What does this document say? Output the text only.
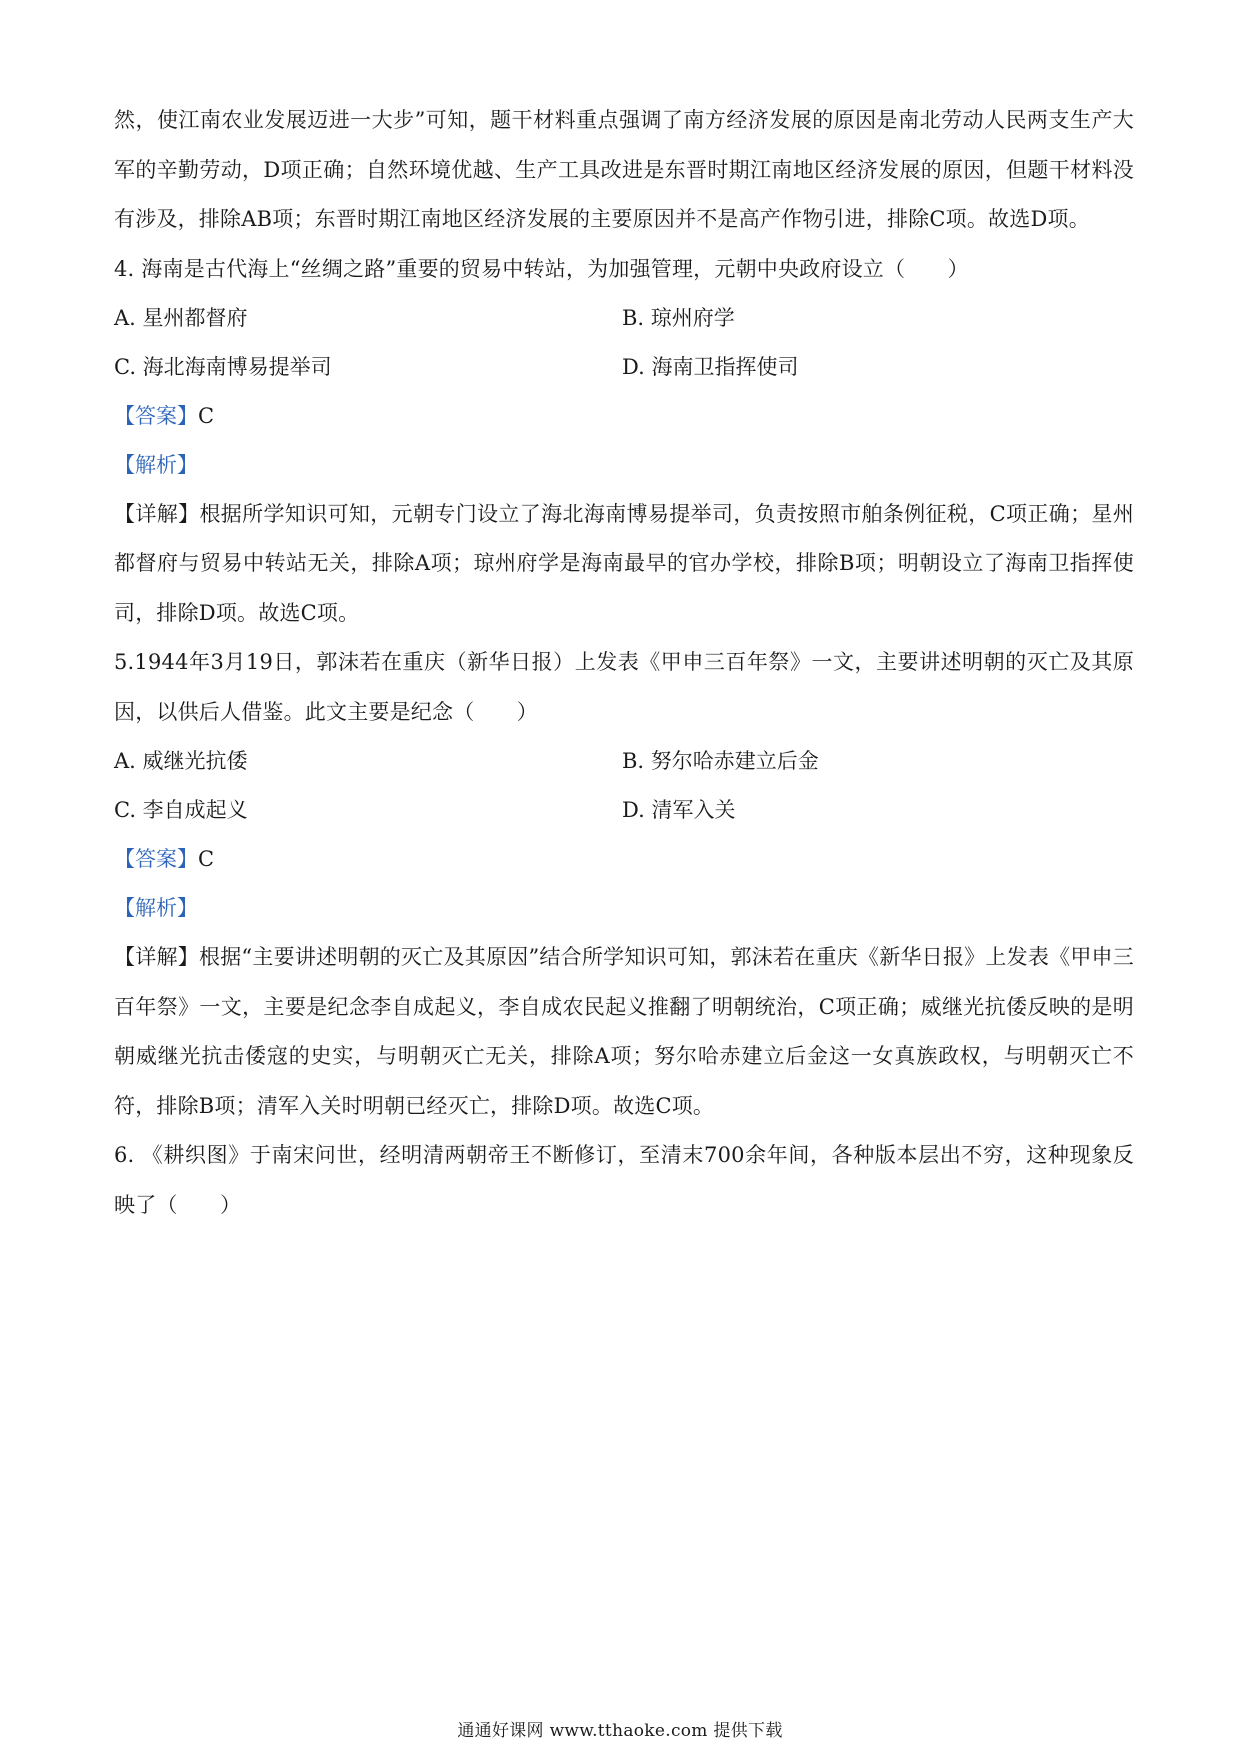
然，使江南农业发展迈进一大步”可知，题干材料重点强调了南方经济发展的原因是南北劳动人民两支生产大军的辛勤劳动，D项正确；自然环境优越、生产工具改进是东晋时期江南地区经济发展的原因，但题干材料没有涉及，排除AB项；东晋时期江南地区经济发展的主要原因并不是高产作物引进，排除C项。故选D项。

4. 海南是古代海上“丝绸之路”重要的贸易中转站，为加强管理，元朝中央政府设立（　　）

A. 星州都督府	B. 琼州府学
C. 海北海南博易提举司	D. 海南卫指挥使司

【答案】C

【解析】

【详解】根据所学知识可知，元朝专门设立了海北海南博易提举司，负责按照市舶条例征税，C项正确；星州都督府与贸易中转站无关，排除A项；琼州府学是海南最早的官办学校，排除B项；明朝设立了海南卫指挥使司，排除D项。故选C项。

5.1944年3月19日，郭沫若在重庆（新华日报）上发表《甲申三百年祭》一文，主要讲述明朝的灭亡及其原因，以供后人借鉴。此文主要是纪念（　　）

A. 威继光抗倭	B. 努尔哈赤建立后金
C. 李自成起义	D. 清军入关

【答案】C

【解析】

【详解】根据“主要讲述明朝的灭亡及其原因”结合所学知识可知，郭沫若在重庆《新华日报》上发表《甲申三百年祭》一文，主要是纪念李自成起义，李自成农民起义推翻了明朝统治，C项正确；威继光抗倭反映的是明朝威继光抗击倭寇的史实，与明朝灭亡无关，排除A项；努尔哈赤建立后金这一女真族政权，与明朝灭亡不符，排除B项；清军入关时明朝已经灭亡，排除D项。故选C项。

6. 《耕织图》于南宋问世，经明清两朝帝王不断修订，至清末700余年间，各种版本层出不穷，这种现象反映了（　　）

通通好课网 www.tthaoke.com 提供下载
